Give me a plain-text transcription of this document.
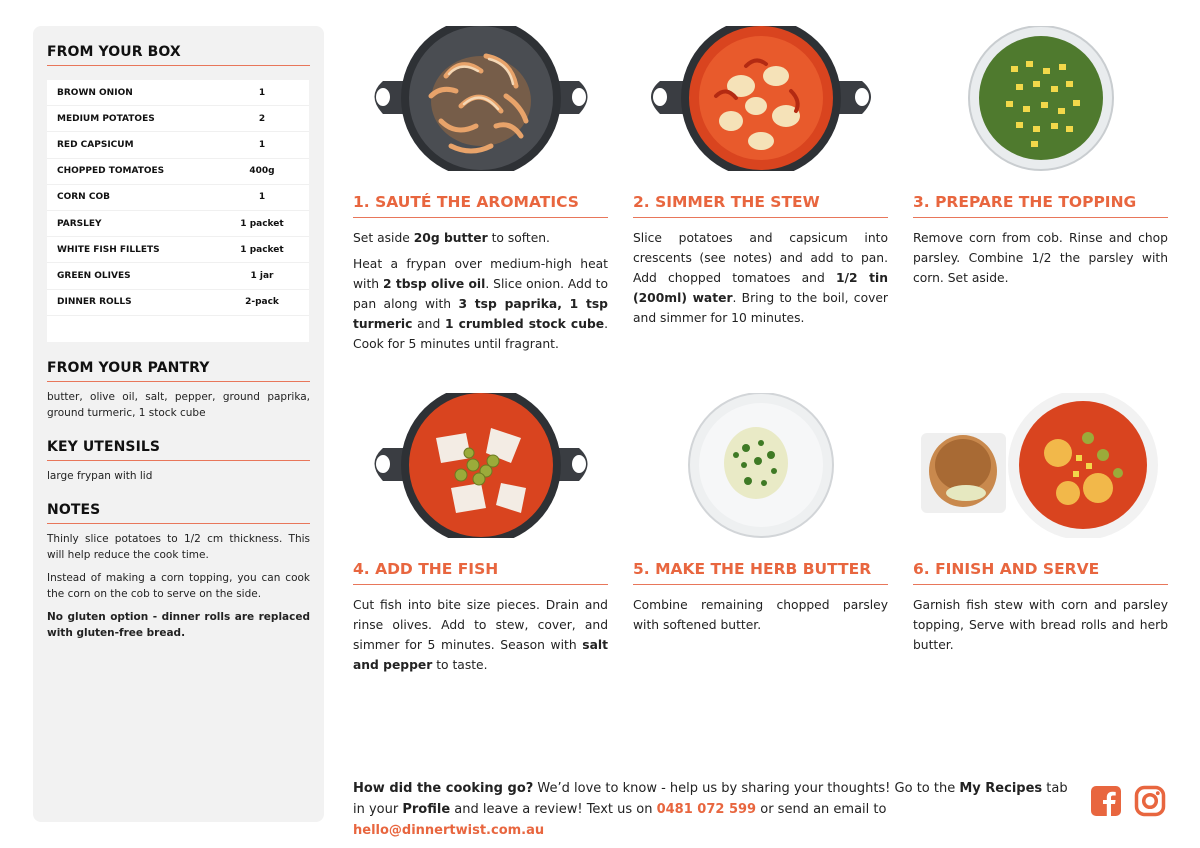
FROM YOUR BOX
BROWN ONION	1
MEDIUM POTATOES	2
RED CAPSICUM	1
CHOPPED TOMATOES	400g
CORN COB	1
PARSLEY	1 packet
WHITE FISH FILLETS	1 packet
GREEN OLIVES	1 jar
DINNER ROLLS	2-pack
FROM YOUR PANTRY
butter, olive oil, salt, pepper, ground paprika, ground turmeric, 1 stock cube
KEY UTENSILS
large frypan with lid
NOTES
Thinly slice potatoes to 1/2 cm thickness. This will help reduce the cook time.
Instead of making a corn topping, you can cook the corn on the cob to serve on the side.
No gluten option - dinner rolls are replaced with gluten-free bread.
1. SAUTÉ THE AROMATICS

Set aside 20g butter to soften.

Heat a frypan over medium-high heat with 2 tbsp olive oil. Slice onion. Add to pan along with 3 tsp paprika, 1 tsp turmeric and 1 crumbled stock cube. Cook for 5 minutes until fragrant.

2. SIMMER THE STEW

Slice potatoes and capsicum into crescents (see notes) and add to pan. Add chopped tomatoes and 1/2 tin (200ml) water. Bring to the boil, cover and simmer for 10 minutes.

3. PREPARE THE TOPPING

Remove corn from cob. Rinse and chop parsley. Combine 1/2 the parsley with corn. Set aside.

4. ADD THE FISH

Cut fish into bite size pieces. Drain and rinse olives. Add to stew, cover, and simmer for 5 minutes. Season with salt and pepper to taste.

5. MAKE THE HERB BUTTER

Combine remaining chopped parsley with softened butter.

6. FINISH AND SERVE

Garnish fish stew with corn and parsley topping, Serve with bread rolls and herb butter.

How did the cooking go? We’d love to know - help us by sharing your thoughts! Go to the My Recipes tab in your Profile and leave a review! Text us on 0481 072 599 or send an email to hello@dinnertwist.com.au
